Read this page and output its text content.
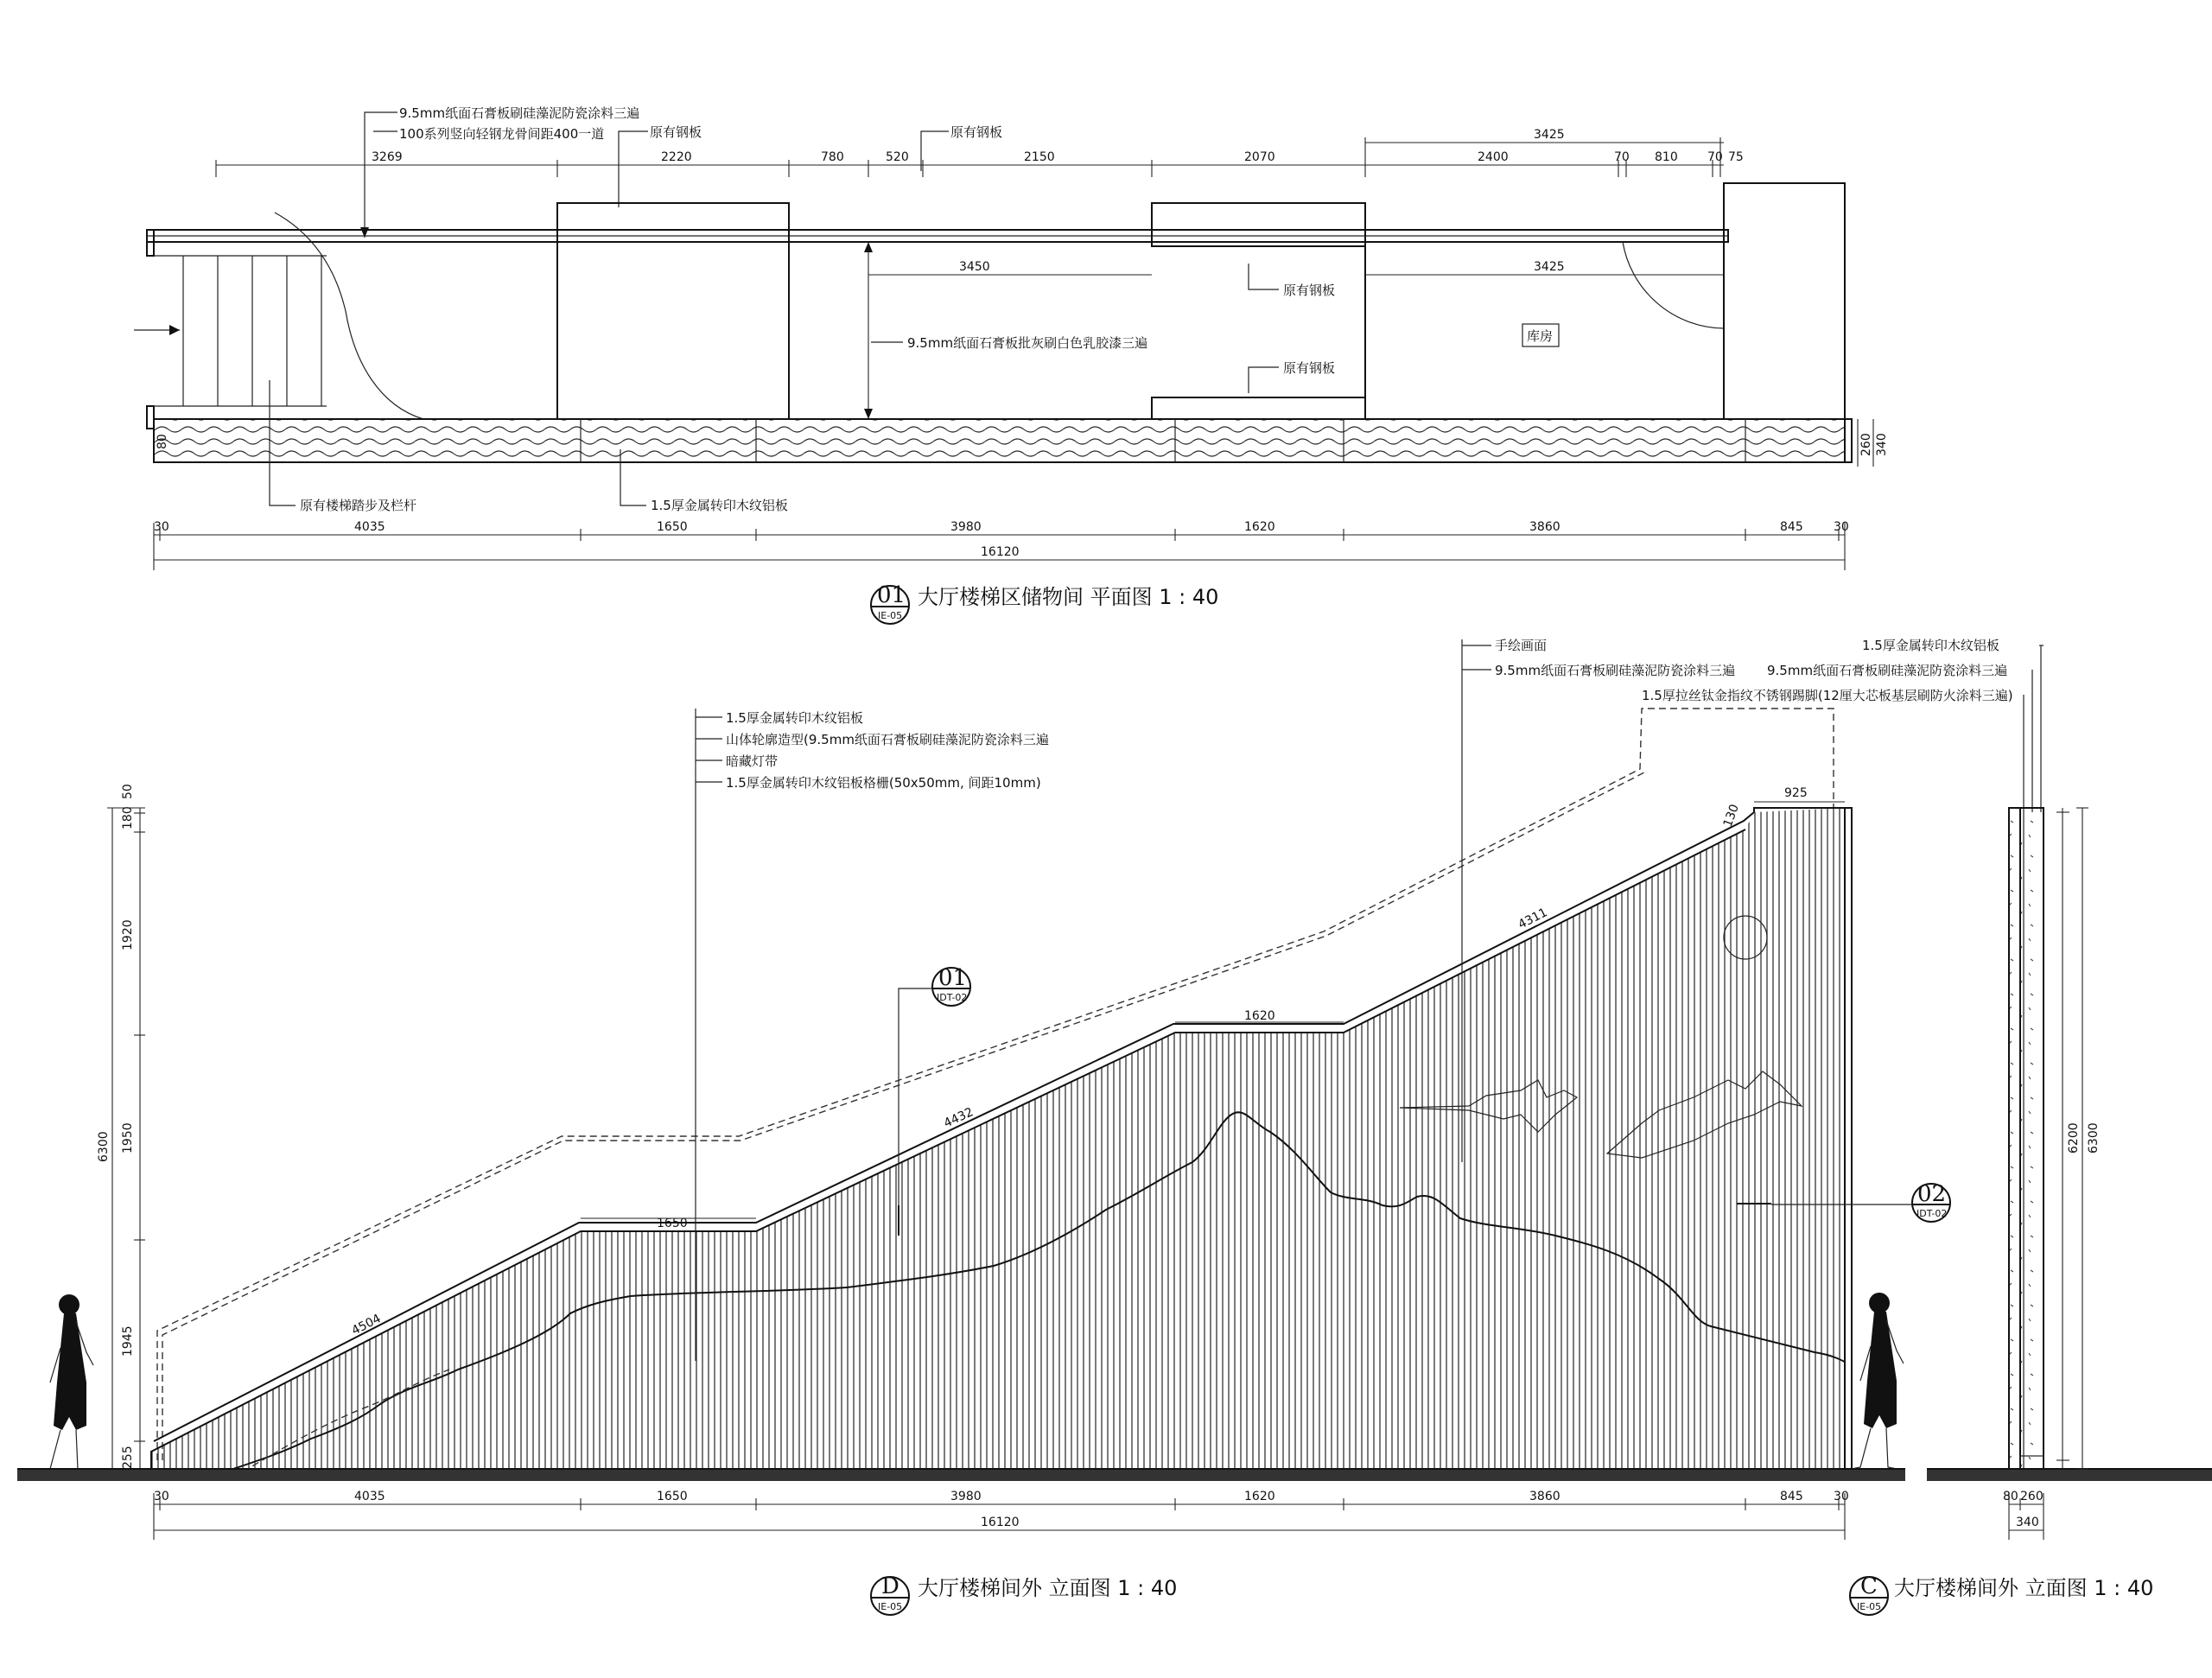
9.5mm纸面石膏板刷硅藻泥防瓷涂料三遍
100系列竖向轻钢龙骨间距400一道	原有钢板	原有钢板
3269	2220	780	520	2150	2070	2400	70 810 70 75
3425
库房
9.5mm纸面石膏板批灰刷白色乳胶漆三遍
3450	3425
原有钢板
原有钢板
260 340
80
原有楼梯踏步及栏杆	1.5厚金属转印木纹铝板
30	4035	1650	3980	1620	3860	845	30
16120
01
IE-05
大厅楼梯区储物间 平面图 1 : 40
50
180
1920
1950
1945
255
6300
01
IDT-02
02
IDT-02
1.5厚金属转印木纹铝板
山体轮廓造型(9.5mm纸面石膏板刷硅藻泥防瓷涂料三遍
暗藏灯带
1.5厚金属转印木纹铝板格栅(50x50mm, 间距10mm)
手绘画面
9.5mm纸面石膏板刷硅藻泥防瓷涂料三遍
4504
1650
4432
1620
4311
925
130
30	4035	1650	3980	1620	3860	845	30
16120
D
IE-05
大厅楼梯间外 立面图 1 : 40
1.5厚金属转印木纹铝板
9.5mm纸面石膏板刷硅藻泥防瓷涂料三遍
1.5厚拉丝钛金指纹不锈钢踢脚(12厘大芯板基层刷防火涂料三遍)
6200 6300
80 260
340
C
IE-05
大厅楼梯间外 立面图 1 : 40
